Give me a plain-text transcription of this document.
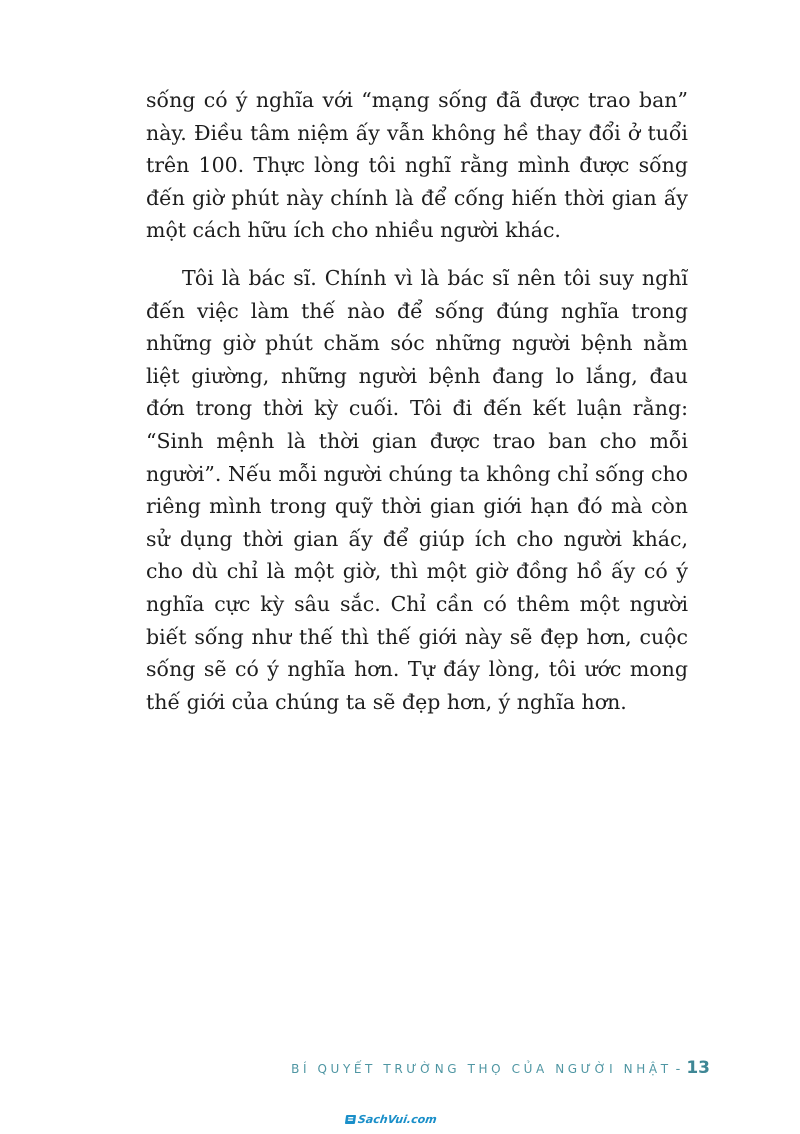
sống có ý nghĩa với “mạng sống đã được trao ban” này. Điều tâm niệm ấy vẫn không hề thay đổi ở tuổi trên 100. Thực lòng tôi nghĩ rằng mình được sống đến giờ phút này chính là để cống hiến thời gian ấy một cách hữu ích cho nhiều người khác.

Tôi là bác sĩ. Chính vì là bác sĩ nên tôi suy nghĩ đến việc làm thế nào để sống đúng nghĩa trong những giờ phút chăm sóc những người bệnh nằm liệt giường, những người bệnh đang lo lắng, đau đớn trong thời kỳ cuối. Tôi đi đến kết luận rằng: “Sinh mệnh là thời gian được trao ban cho mỗi người”. Nếu mỗi người chúng ta không chỉ sống cho riêng mình trong quỹ thời gian giới hạn đó mà còn sử dụng thời gian ấy để giúp ích cho người khác, cho dù chỉ là một giờ, thì một giờ đồng hồ ấy có ý nghĩa cực kỳ sâu sắc. Chỉ cần có thêm một người biết sống như thế thì thế giới này sẽ đẹp hơn, cuộc sống sẽ có ý nghĩa hơn. Tự đáy lòng, tôi ước mong thế giới của chúng ta sẽ đẹp hơn, ý nghĩa hơn.

BÍ QUYẾT TRƯỜNG THỌ CỦA NGƯỜI NHẬT - 13
SachVui.com
